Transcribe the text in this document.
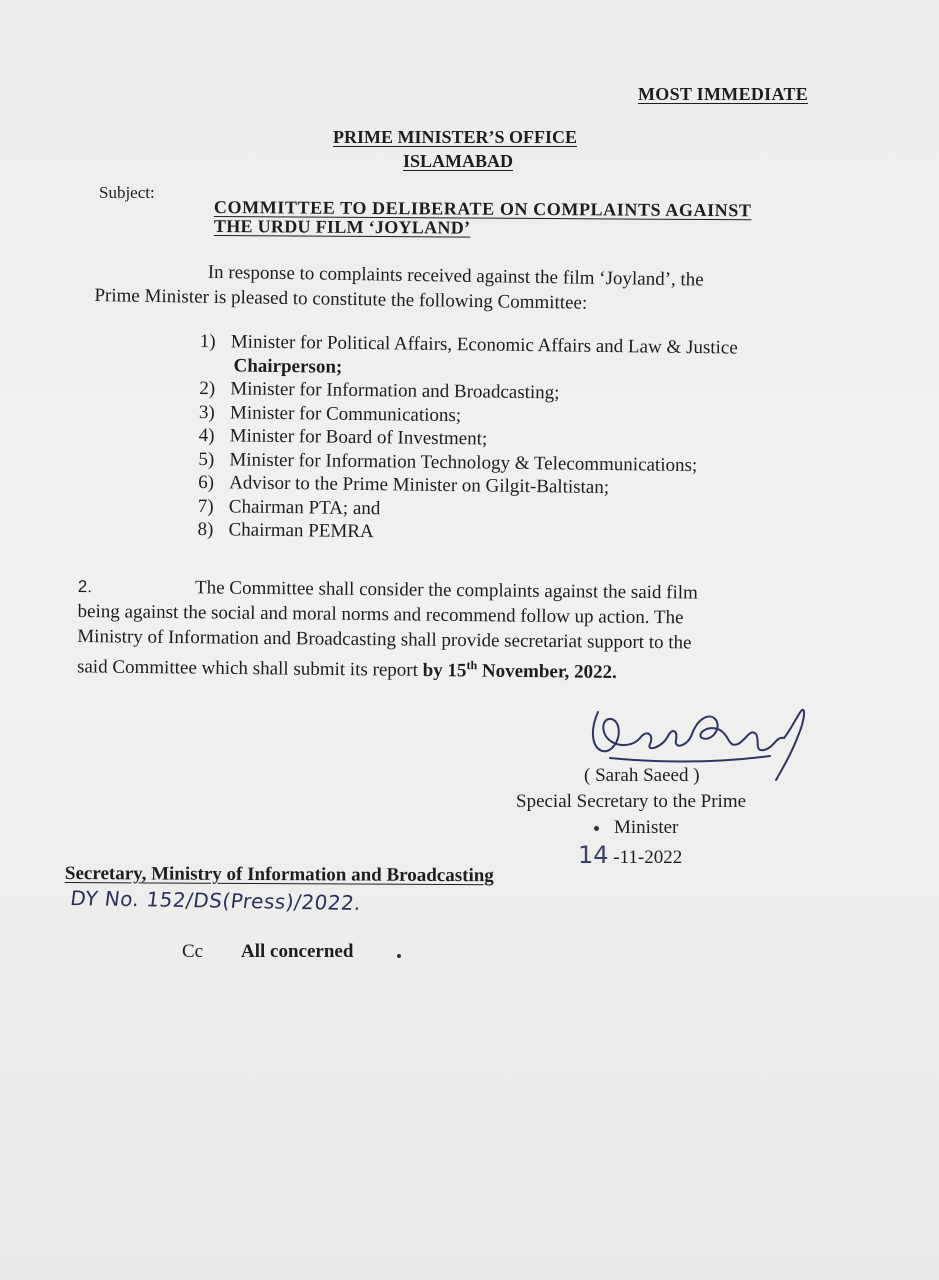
MOST IMMEDIATE
PRIME MINISTER’S OFFICE
ISLAMABAD
Subject:
COMMITTEE TO DELIBERATE ON COMPLAINTS AGAINST
THE URDU FILM ‘JOYLAND’
In response to complaints received against the film ‘Joyland’, the
Prime Minister is pleased to constitute the following Committee:
1) Minister for Political Affairs, Economic Affairs and Law & Justice
Chairperson;
2) Minister for Information and Broadcasting;
3) Minister for Communications;
4) Minister for Board of Investment;
5) Minister for Information Technology & Telecommunications;
6) Advisor to the Prime Minister on Gilgit-Baltistan;
7) Chairman PTA; and
8) Chairman PEMRA
2.	The Committee shall consider the complaints against the said film
being against the social and moral norms and recommend follow up action. The
Ministry of Information and Broadcasting shall provide secretariat support to the
said Committee which shall submit its report by 15th November, 2022.
( Sarah Saeed )
Special Secretary to the Prime
Minister
14 -11-2022
Secretary, Ministry of Information and Broadcasting
DY No. 152/DS(Press)/2022.
Cc All concerned
